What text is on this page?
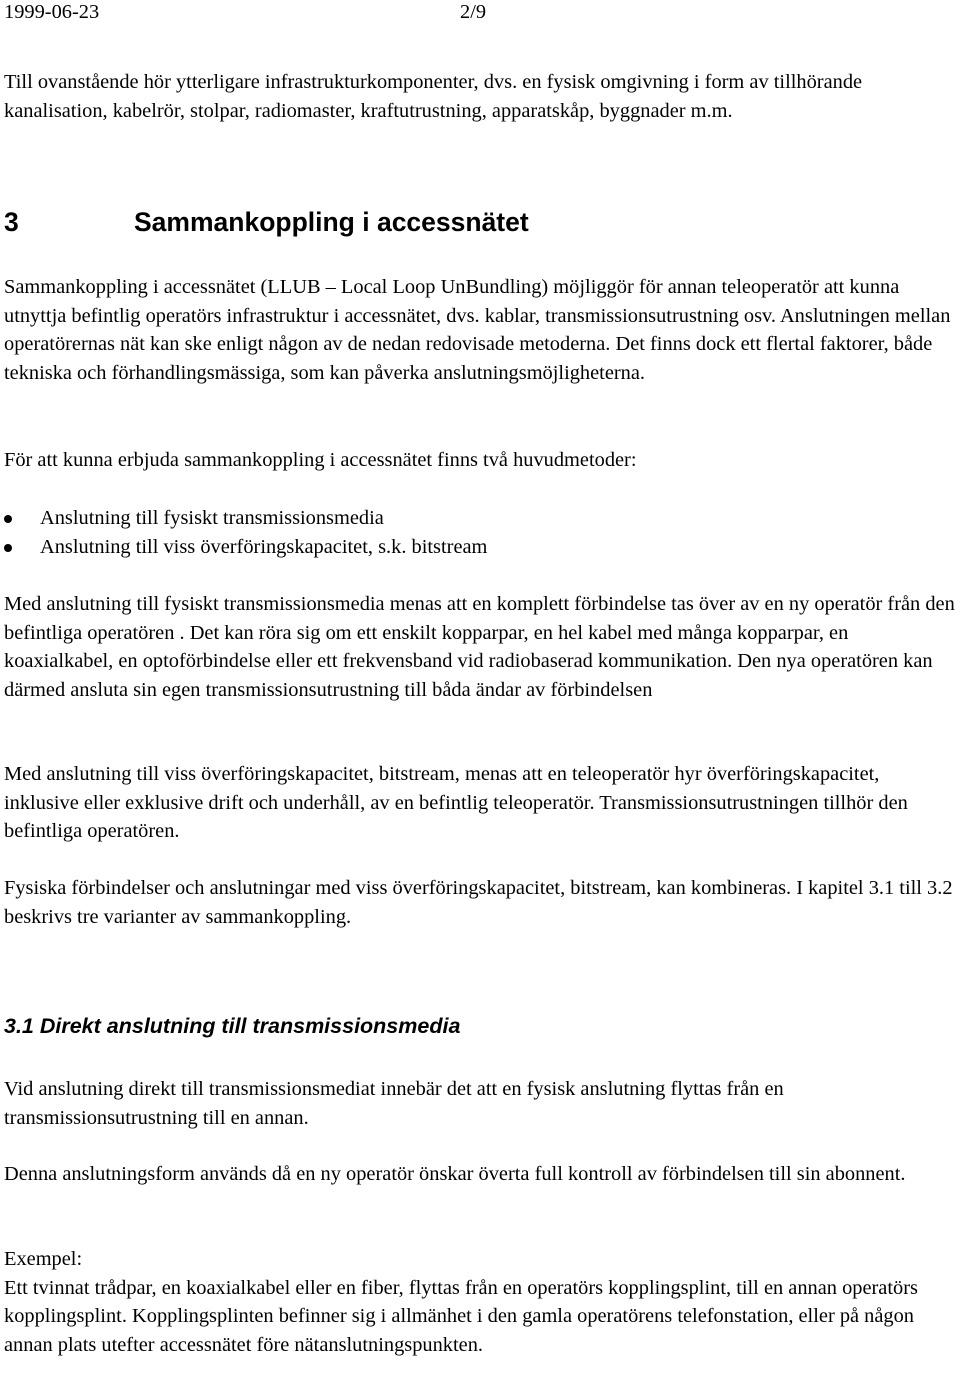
1999-06-23	2/9

Till ovanstående hör ytterligare infrastrukturkomponenter, dvs. en fysisk omgivning i form av tillhörande kanalisation, kabelrör, stolpar, radiomaster, kraftutrustning, apparatskåp, byggnader m.m.

3	Sammankoppling i accessnätet

Sammankoppling i accessnätet (LLUB – Local Loop UnBundling) möjliggör för annan teleoperatör att kunna utnyttja befintlig operatörs infrastruktur i accessnätet, dvs. kablar, transmissionsutrustning osv. Anslutningen mellan operatörernas nät kan ske enligt någon av de nedan redovisade metoderna. Det finns dock ett flertal faktorer, både tekniska och förhandlingsmässiga, som kan påverka anslutningsmöjligheterna.

För att kunna erbjuda sammankoppling i accessnätet finns två huvudmetoder:

Anslutning till fysiskt transmissionsmedia
Anslutning till viss överföringskapacitet, s.k. bitstream

Med anslutning till fysiskt transmissionsmedia menas att en komplett förbindelse tas över av en ny operatör från den befintliga operatören . Det kan röra sig om ett enskilt kopparpar, en hel kabel med många kopparpar, en koaxialkabel, en optoförbindelse eller ett frekvensband vid radiobaserad kommunikation. Den nya operatören kan därmed ansluta sin egen transmissionsutrustning till båda ändar av förbindelsen

Med anslutning till viss överföringskapacitet, bitstream, menas att en teleoperatör hyr överföringskapacitet, inklusive eller exklusive drift och underhåll, av en befintlig teleoperatör. Transmissionsutrustningen tillhör den befintliga operatören.

Fysiska förbindelser och anslutningar med viss överföringskapacitet, bitstream, kan kombineras. I kapitel 3.1 till 3.2 beskrivs tre varianter av sammankoppling.

3.1 Direkt anslutning till transmissionsmedia

Vid anslutning direkt till transmissionsmediat innebär det att en fysisk anslutning flyttas från en transmissionsutrustning till en annan.

Denna anslutningsform används då en ny operatör önskar överta full kontroll av förbindelsen till sin abonnent.

Exempel:
Ett tvinnat trådpar, en koaxialkabel eller en fiber, flyttas från en operatörs kopplingsplint, till en annan operatörs kopplingsplint. Kopplingsplinten befinner sig i allmänhet i den gamla operatörens telefonstation, eller på någon annan plats utefter accessnätet före nätanslutningspunkten.
